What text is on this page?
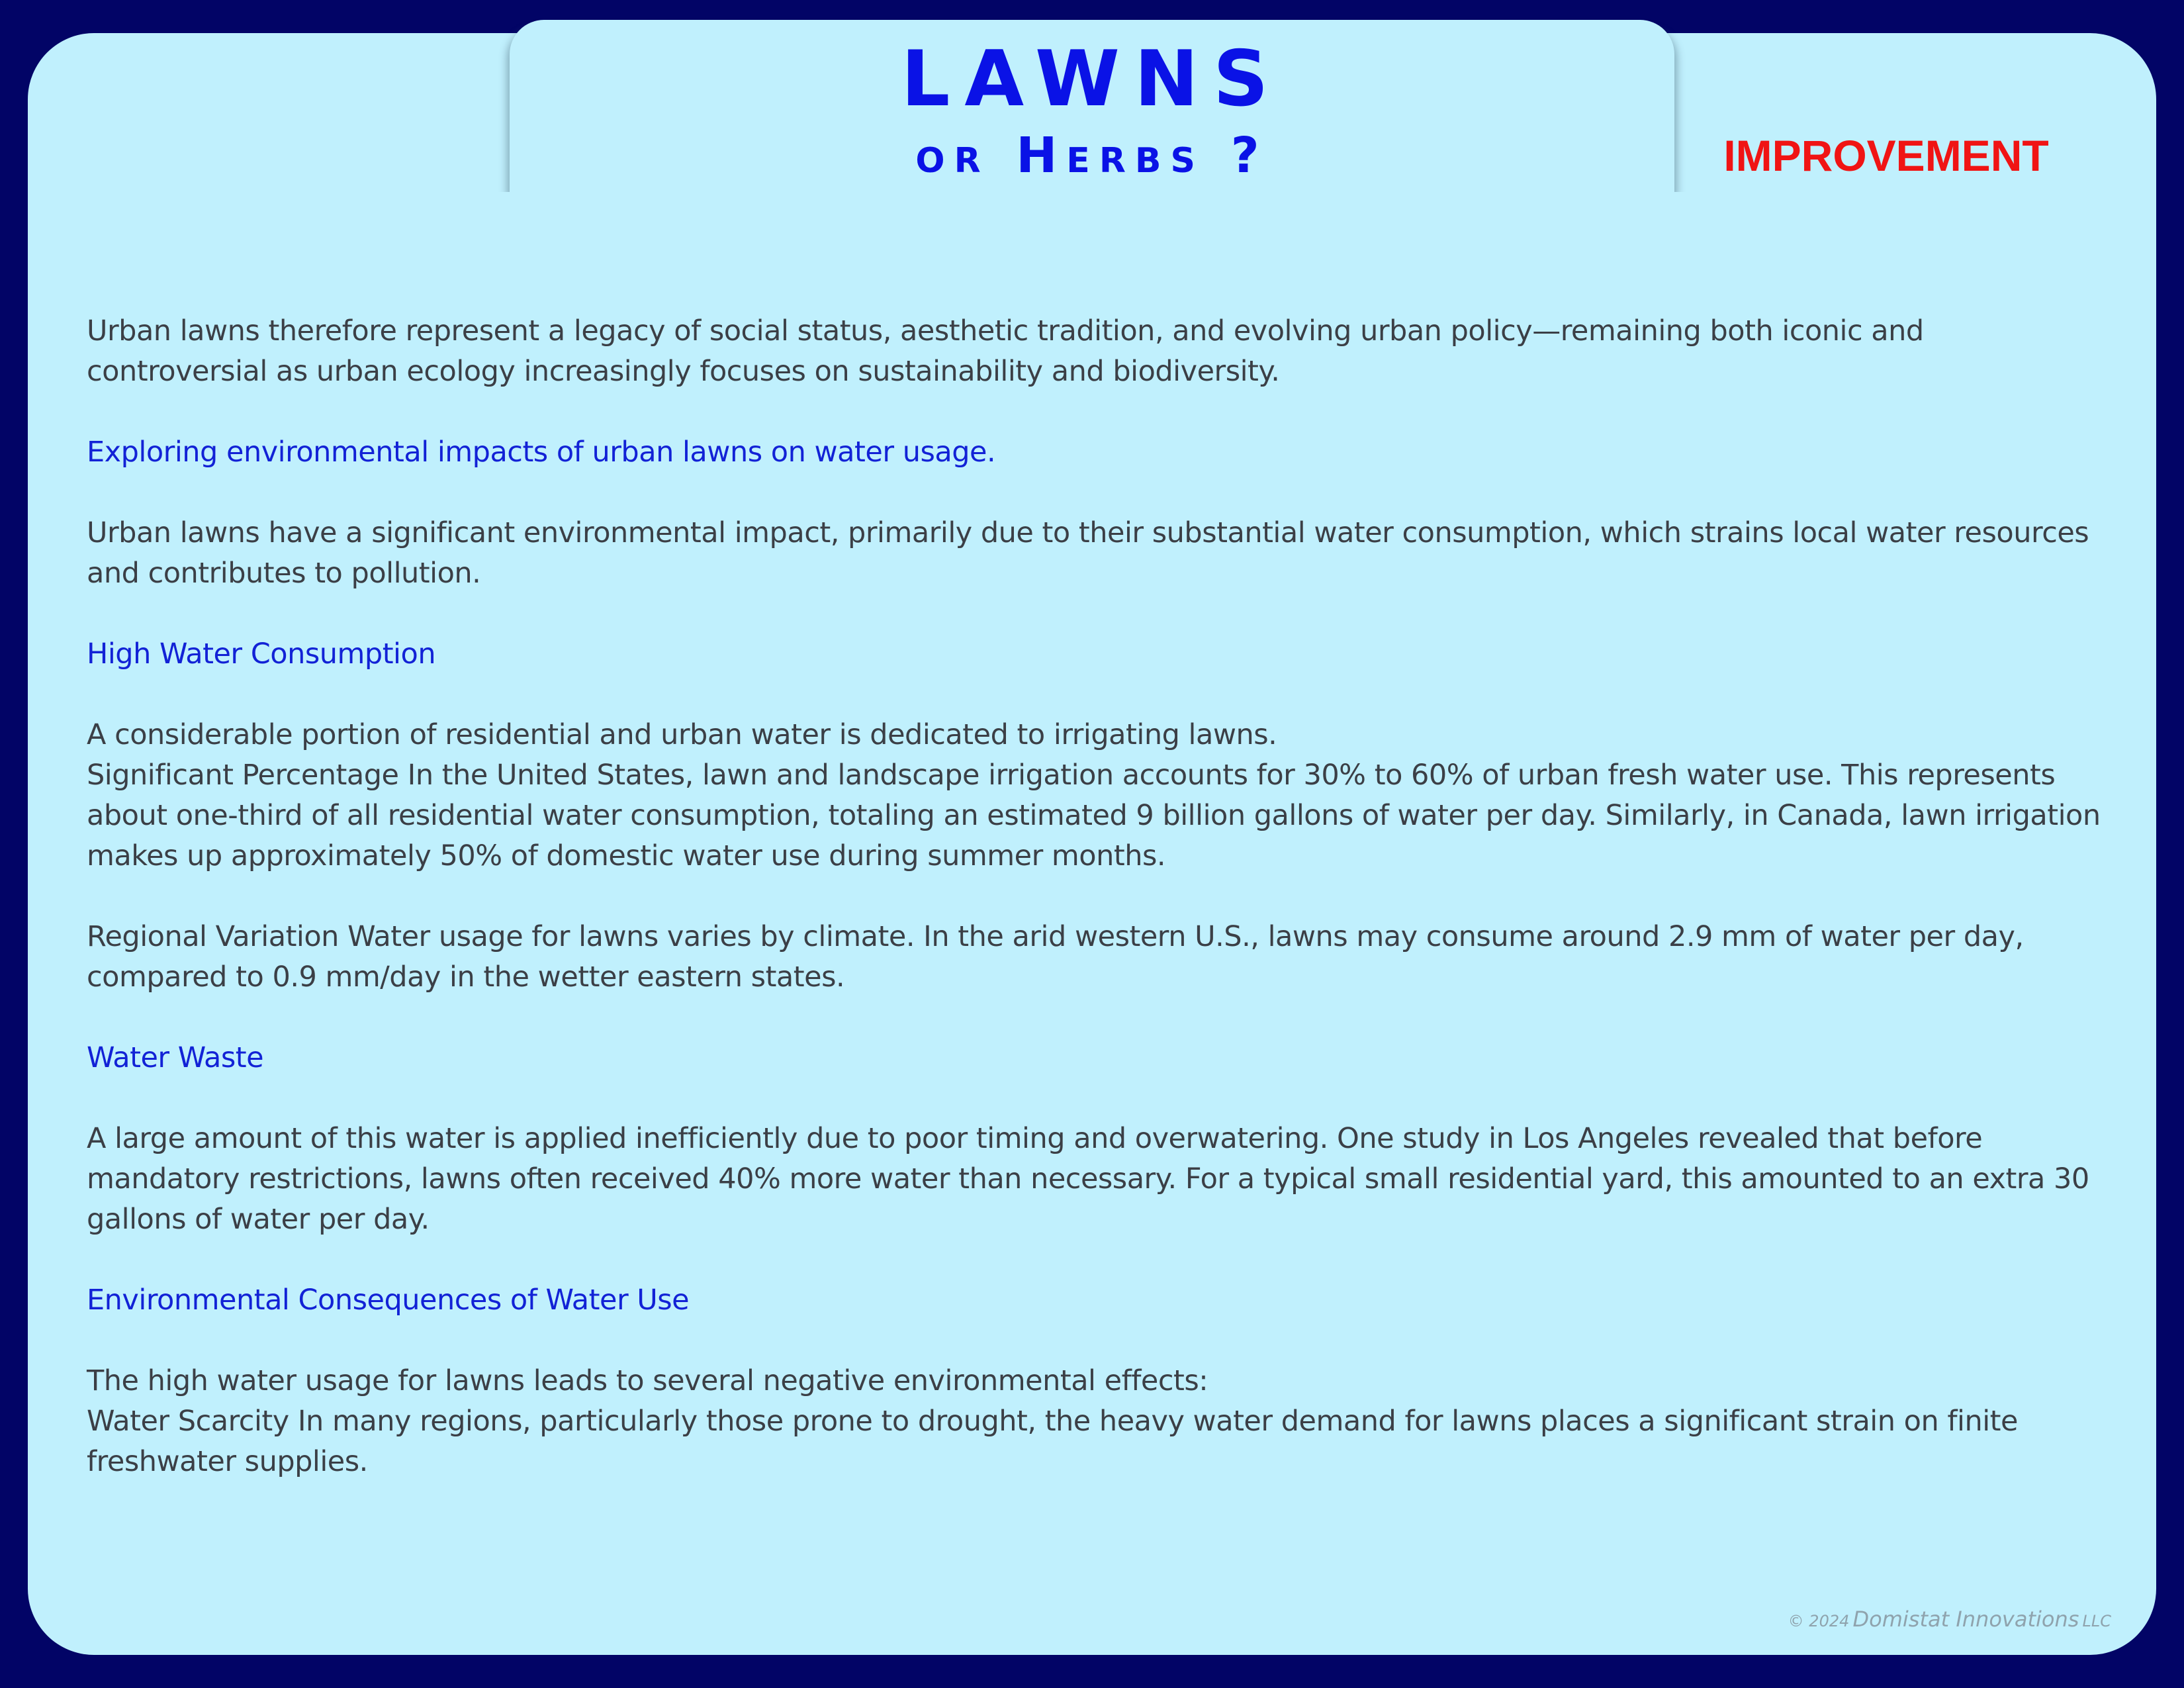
LAWNS
or Herbs ?	IMPROVEMENT

Urban lawns therefore represent a legacy of social status, aesthetic tradition, and evolving urban policy—remaining both iconic and controversial as urban ecology increasingly focuses on sustainability and biodiversity.

Exploring environmental impacts of urban lawns on water usage.

Urban lawns have a significant environmental impact, primarily due to their substantial water consumption, which strains local water resources and contributes to pollution.

High Water Consumption

A considerable portion of residential and urban water is dedicated to irrigating lawns.

Significant Percentage In the United States, lawn and landscape irrigation accounts for 30% to 60% of urban fresh water use. This represents about one-third of all residential water consumption, totaling an estimated 9 billion gallons of water per day. Similarly, in Canada, lawn irrigation makes up approximately 50% of domestic water use during summer months.

Regional Variation Water usage for lawns varies by climate. In the arid western U.S., lawns may consume around 2.9 mm of water per day, compared to 0.9 mm/day in the wetter eastern states.

Water Waste

A large amount of this water is applied inefficiently due to poor timing and overwatering. One study in Los Angeles revealed that before mandatory restrictions, lawns often received 40% more water than necessary. For a typical small residential yard, this amounted to an extra 30 gallons of water per day.

Environmental Consequences of Water Use

The high water usage for lawns leads to several negative environmental effects:

Water Scarcity In many regions, particularly those prone to drought, the heavy water demand for lawns places a significant strain on finite freshwater supplies.

© 2024 Domistat Innovations LLC
